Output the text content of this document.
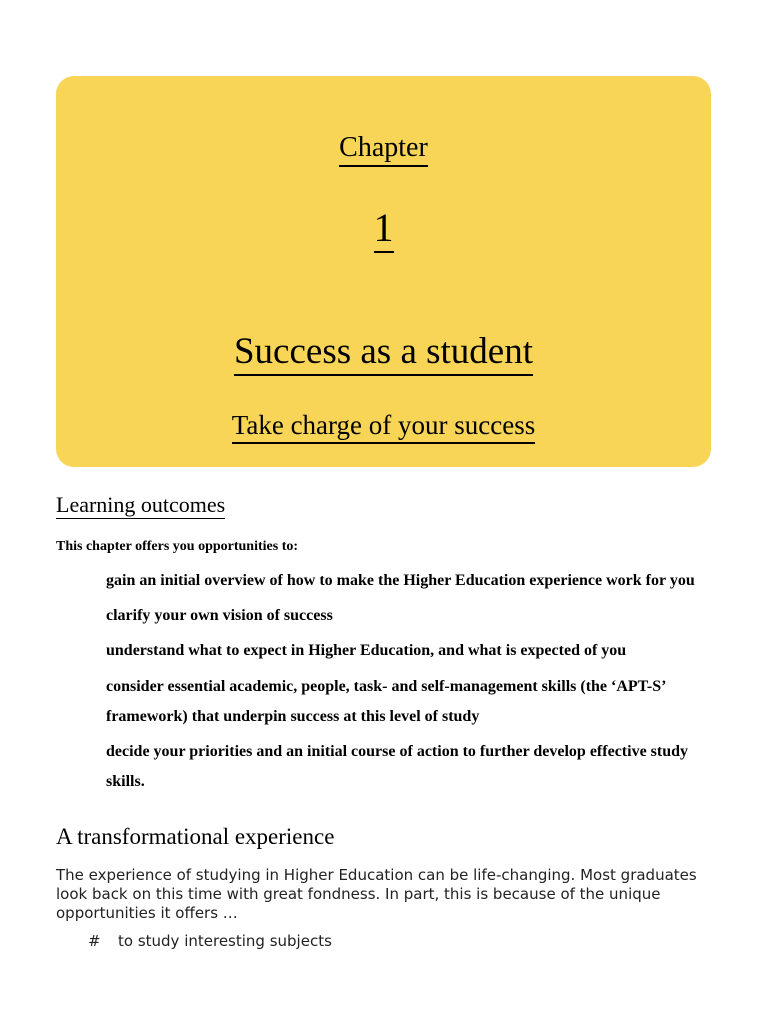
Chapter
1
Success as a student
Take charge of your success
Learning outcomes
This chapter offers you opportunities to:
gain an initial overview of how to make the Higher Education experience work for you
clarify your own vision of success
understand what to expect in Higher Education, and what is expected of you
consider essential academic, people, task- and self-management skills (the ‘APT-S’ framework) that underpin success at this level of study
decide your priorities and an initial course of action to further develop effective study skills.
A transformational experience
The experience of studying in Higher Education can be life-changing. Most graduates look back on this time with great fondness. In part, this is because of the unique opportunities it offers …
# to study interesting subjects
